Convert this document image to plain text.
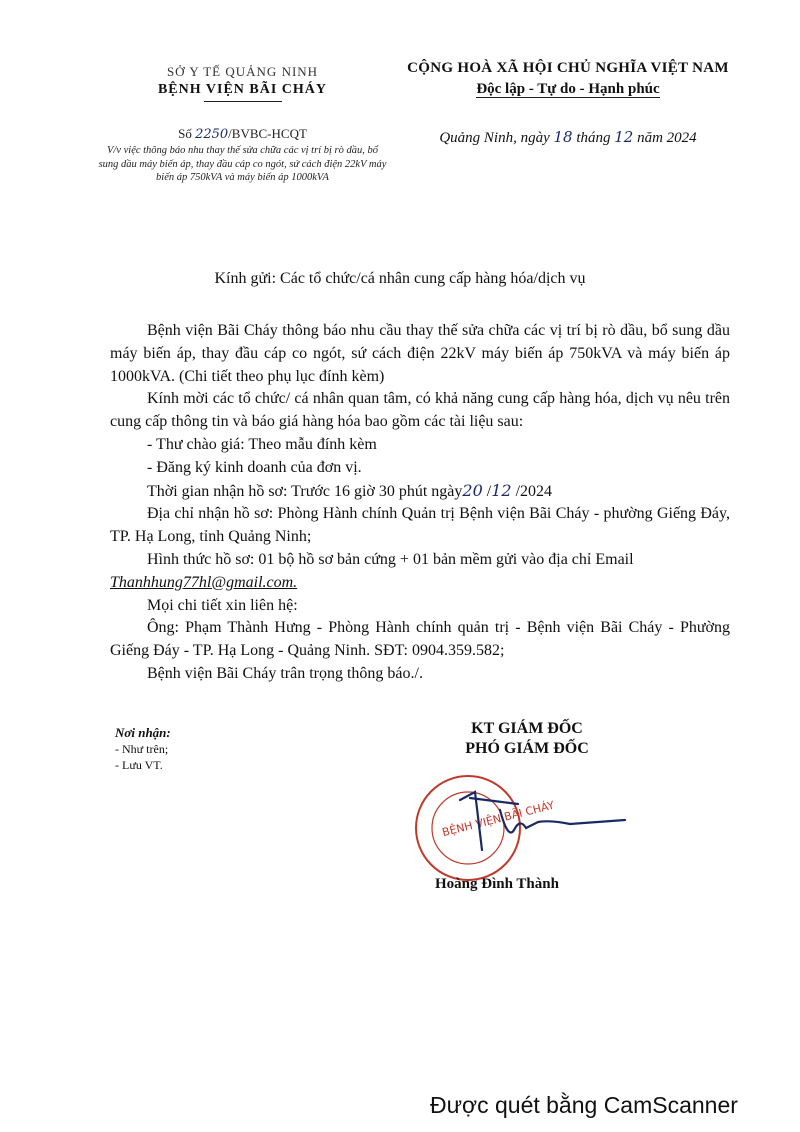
SỞ Y TẾ QUẢNG NINH
BỆNH VIỆN BÃI CHÁY
Số 2250/BVBC-HCQT
V/v việc thông báo nhu thay thế sửa chữa các vị trí bị rò dầu, bổ sung dầu máy biến áp, thay đầu cáp co ngót, sứ cách điện 22kV máy biến áp 750kVA và máy biến áp 1000kVA
CỘNG HOÀ XÃ HỘI CHỦ NGHĨA VIỆT NAM
Độc lập - Tự do - Hạnh phúc
Quảng Ninh, ngày 18 tháng 12 năm 2024
Kính gửi: Các tổ chức/cá nhân cung cấp hàng hóa/dịch vụ

Bệnh viện Bãi Cháy thông báo nhu cầu thay thế sửa chữa các vị trí bị rò dầu, bổ sung dầu máy biến áp, thay đầu cáp co ngót, sứ cách điện 22kV máy biến áp 750kVA và máy biến áp 1000kVA. (Chi tiết theo phụ lục đính kèm)

Kính mời các tổ chức/ cá nhân quan tâm, có khả năng cung cấp hàng hóa, dịch vụ nêu trên cung cấp thông tin và báo giá hàng hóa bao gồm các tài liệu sau:

- Thư chào giá: Theo mẫu đính kèm

- Đăng ký kinh doanh của đơn vị.

Thời gian nhận hồ sơ: Trước 16 giờ 30 phút ngày20 /12 /2024

Địa chỉ nhận hồ sơ: Phòng Hành chính Quản trị Bệnh viện Bãi Cháy - phường Giếng Đáy, TP. Hạ Long, tỉnh Quảng Ninh;

Hình thức hồ sơ: 01 bộ hồ sơ bản cứng + 01 bản mềm gửi vào địa chỉ Email

Thanhhung77hl@gmail.com.

Mọi chi tiết xin liên hệ:

Ông: Phạm Thành Hưng - Phòng Hành chính quản trị - Bệnh viện Bãi Cháy - Phường Giếng Đáy - TP. Hạ Long - Quảng Ninh. SĐT: 0904.359.582;

Bệnh viện Bãi Cháy trân trọng thông báo./.

Nơi nhận:
- Như trên;
- Lưu VT.
KT GIÁM ĐỐC
PHÓ GIÁM ĐỐC
BỆNH VIỆN BÃI CHÁY
Hoàng Đình Thành
Được quét bằng CamScanner
